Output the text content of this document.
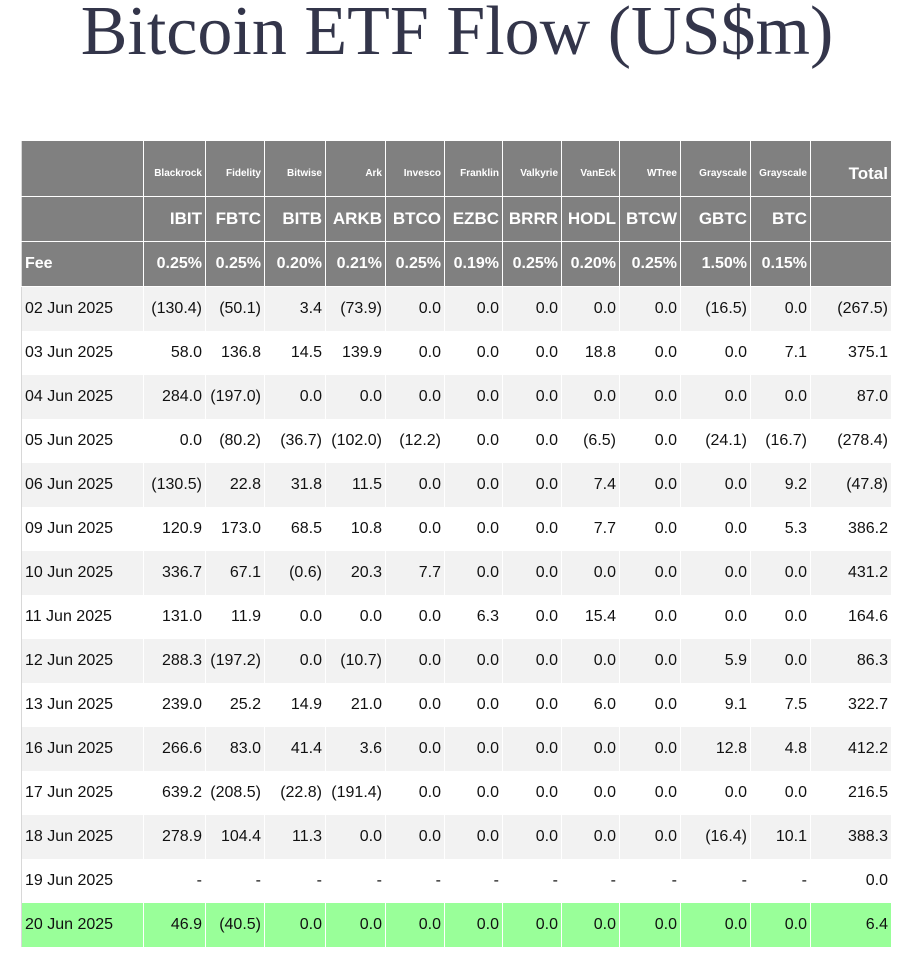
Bitcoin ETF Flow (US$m)
	Blackrock	Fidelity	Bitwise	Ark	Invesco	Franklin	Valkyrie	VanEck	WTree	Grayscale	Grayscale	Total
	IBIT	FBTC	BITB	ARKB	BTCO	EZBC	BRRR	HODL	BTCW	GBTC	BTC	
Fee	0.25%	0.25%	0.20%	0.21%	0.25%	0.19%	0.25%	0.20%	0.25%	1.50%	0.15%	
02 Jun 2025	(130.4)	(50.1)	3.4	(73.9)	0.0	0.0	0.0	0.0	0.0	(16.5)	0.0	(267.5)
03 Jun 2025	58.0	136.8	14.5	139.9	0.0	0.0	0.0	18.8	0.0	0.0	7.1	375.1
04 Jun 2025	284.0	(197.0)	0.0	0.0	0.0	0.0	0.0	0.0	0.0	0.0	0.0	87.0
05 Jun 2025	0.0	(80.2)	(36.7)	(102.0)	(12.2)	0.0	0.0	(6.5)	0.0	(24.1)	(16.7)	(278.4)
06 Jun 2025	(130.5)	22.8	31.8	11.5	0.0	0.0	0.0	7.4	0.0	0.0	9.2	(47.8)
09 Jun 2025	120.9	173.0	68.5	10.8	0.0	0.0	0.0	7.7	0.0	0.0	5.3	386.2
10 Jun 2025	336.7	67.1	(0.6)	20.3	7.7	0.0	0.0	0.0	0.0	0.0	0.0	431.2
11 Jun 2025	131.0	11.9	0.0	0.0	0.0	6.3	0.0	15.4	0.0	0.0	0.0	164.6
12 Jun 2025	288.3	(197.2)	0.0	(10.7)	0.0	0.0	0.0	0.0	0.0	5.9	0.0	86.3
13 Jun 2025	239.0	25.2	14.9	21.0	0.0	0.0	0.0	6.0	0.0	9.1	7.5	322.7
16 Jun 2025	266.6	83.0	41.4	3.6	0.0	0.0	0.0	0.0	0.0	12.8	4.8	412.2
17 Jun 2025	639.2	(208.5)	(22.8)	(191.4)	0.0	0.0	0.0	0.0	0.0	0.0	0.0	216.5
18 Jun 2025	278.9	104.4	11.3	0.0	0.0	0.0	0.0	0.0	0.0	(16.4)	10.1	388.3
19 Jun 2025	-	-	-	-	-	-	-	-	-	-	-	0.0
20 Jun 2025	46.9	(40.5)	0.0	0.0	0.0	0.0	0.0	0.0	0.0	0.0	0.0	6.4
